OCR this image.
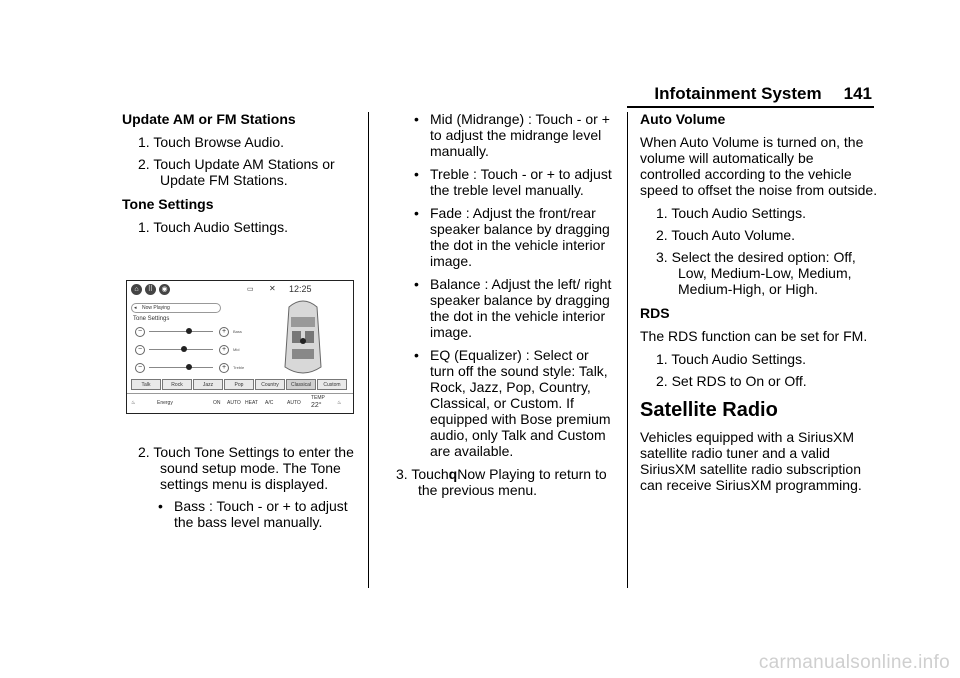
Infotainment System 141
Update AM or FM Stations
1. Touch Browse Audio.
2. Touch Update AM Stations or Update FM Stations.
Tone Settings
1. Touch Audio Settings.
⌂	⠿	◉	▭ ✕ 12:25
◂ Now Playing
Tone Settings
−	+	Bass
−	+	Mid
−	+	Treble
Talk	Rock	Jazz	Pop	Country	Classical	Custom
♨	Energy	ON AUTO HEAT A/C	AUTO
TEMP
22°	♨
2. Touch Tone Settings to enter the sound setup mode. The Tone settings menu is displayed.
• Bass : Touch - or + to adjust the bass level manually.
• Mid (Midrange) : Touch - or + to adjust the midrange level manually.
• Treble : Touch - or + to adjust the treble level manually.
• Fade : Adjust the front/rear speaker balance by dragging the dot in the vehicle interior image.
• Balance : Adjust the left/ right speaker balance by dragging the dot in the vehicle interior image.
• EQ (Equalizer) : Select or turn off the sound style: Talk, Rock, Jazz, Pop, Country, Classical, or Custom. If equipped with Bose premium audio, only Talk and Custom are available.
3. TouchqNow Playing to return to the previous menu.
Auto Volume

When Auto Volume is turned on, the volume will automatically be controlled according to the vehicle speed to offset the noise from outside.

1. Touch Audio Settings.
2. Touch Auto Volume.
3. Select the desired option: Off, Low, Medium-Low, Medium, Medium-High, or High.
RDS

The RDS function can be set for FM.

1. Touch Audio Settings.
2. Set RDS to On or Off.
Satellite Radio

Vehicles equipped with a SiriusXM satellite radio tuner and a valid SiriusXM satellite radio subscription can receive SiriusXM programming.

carmanualsonline.info
